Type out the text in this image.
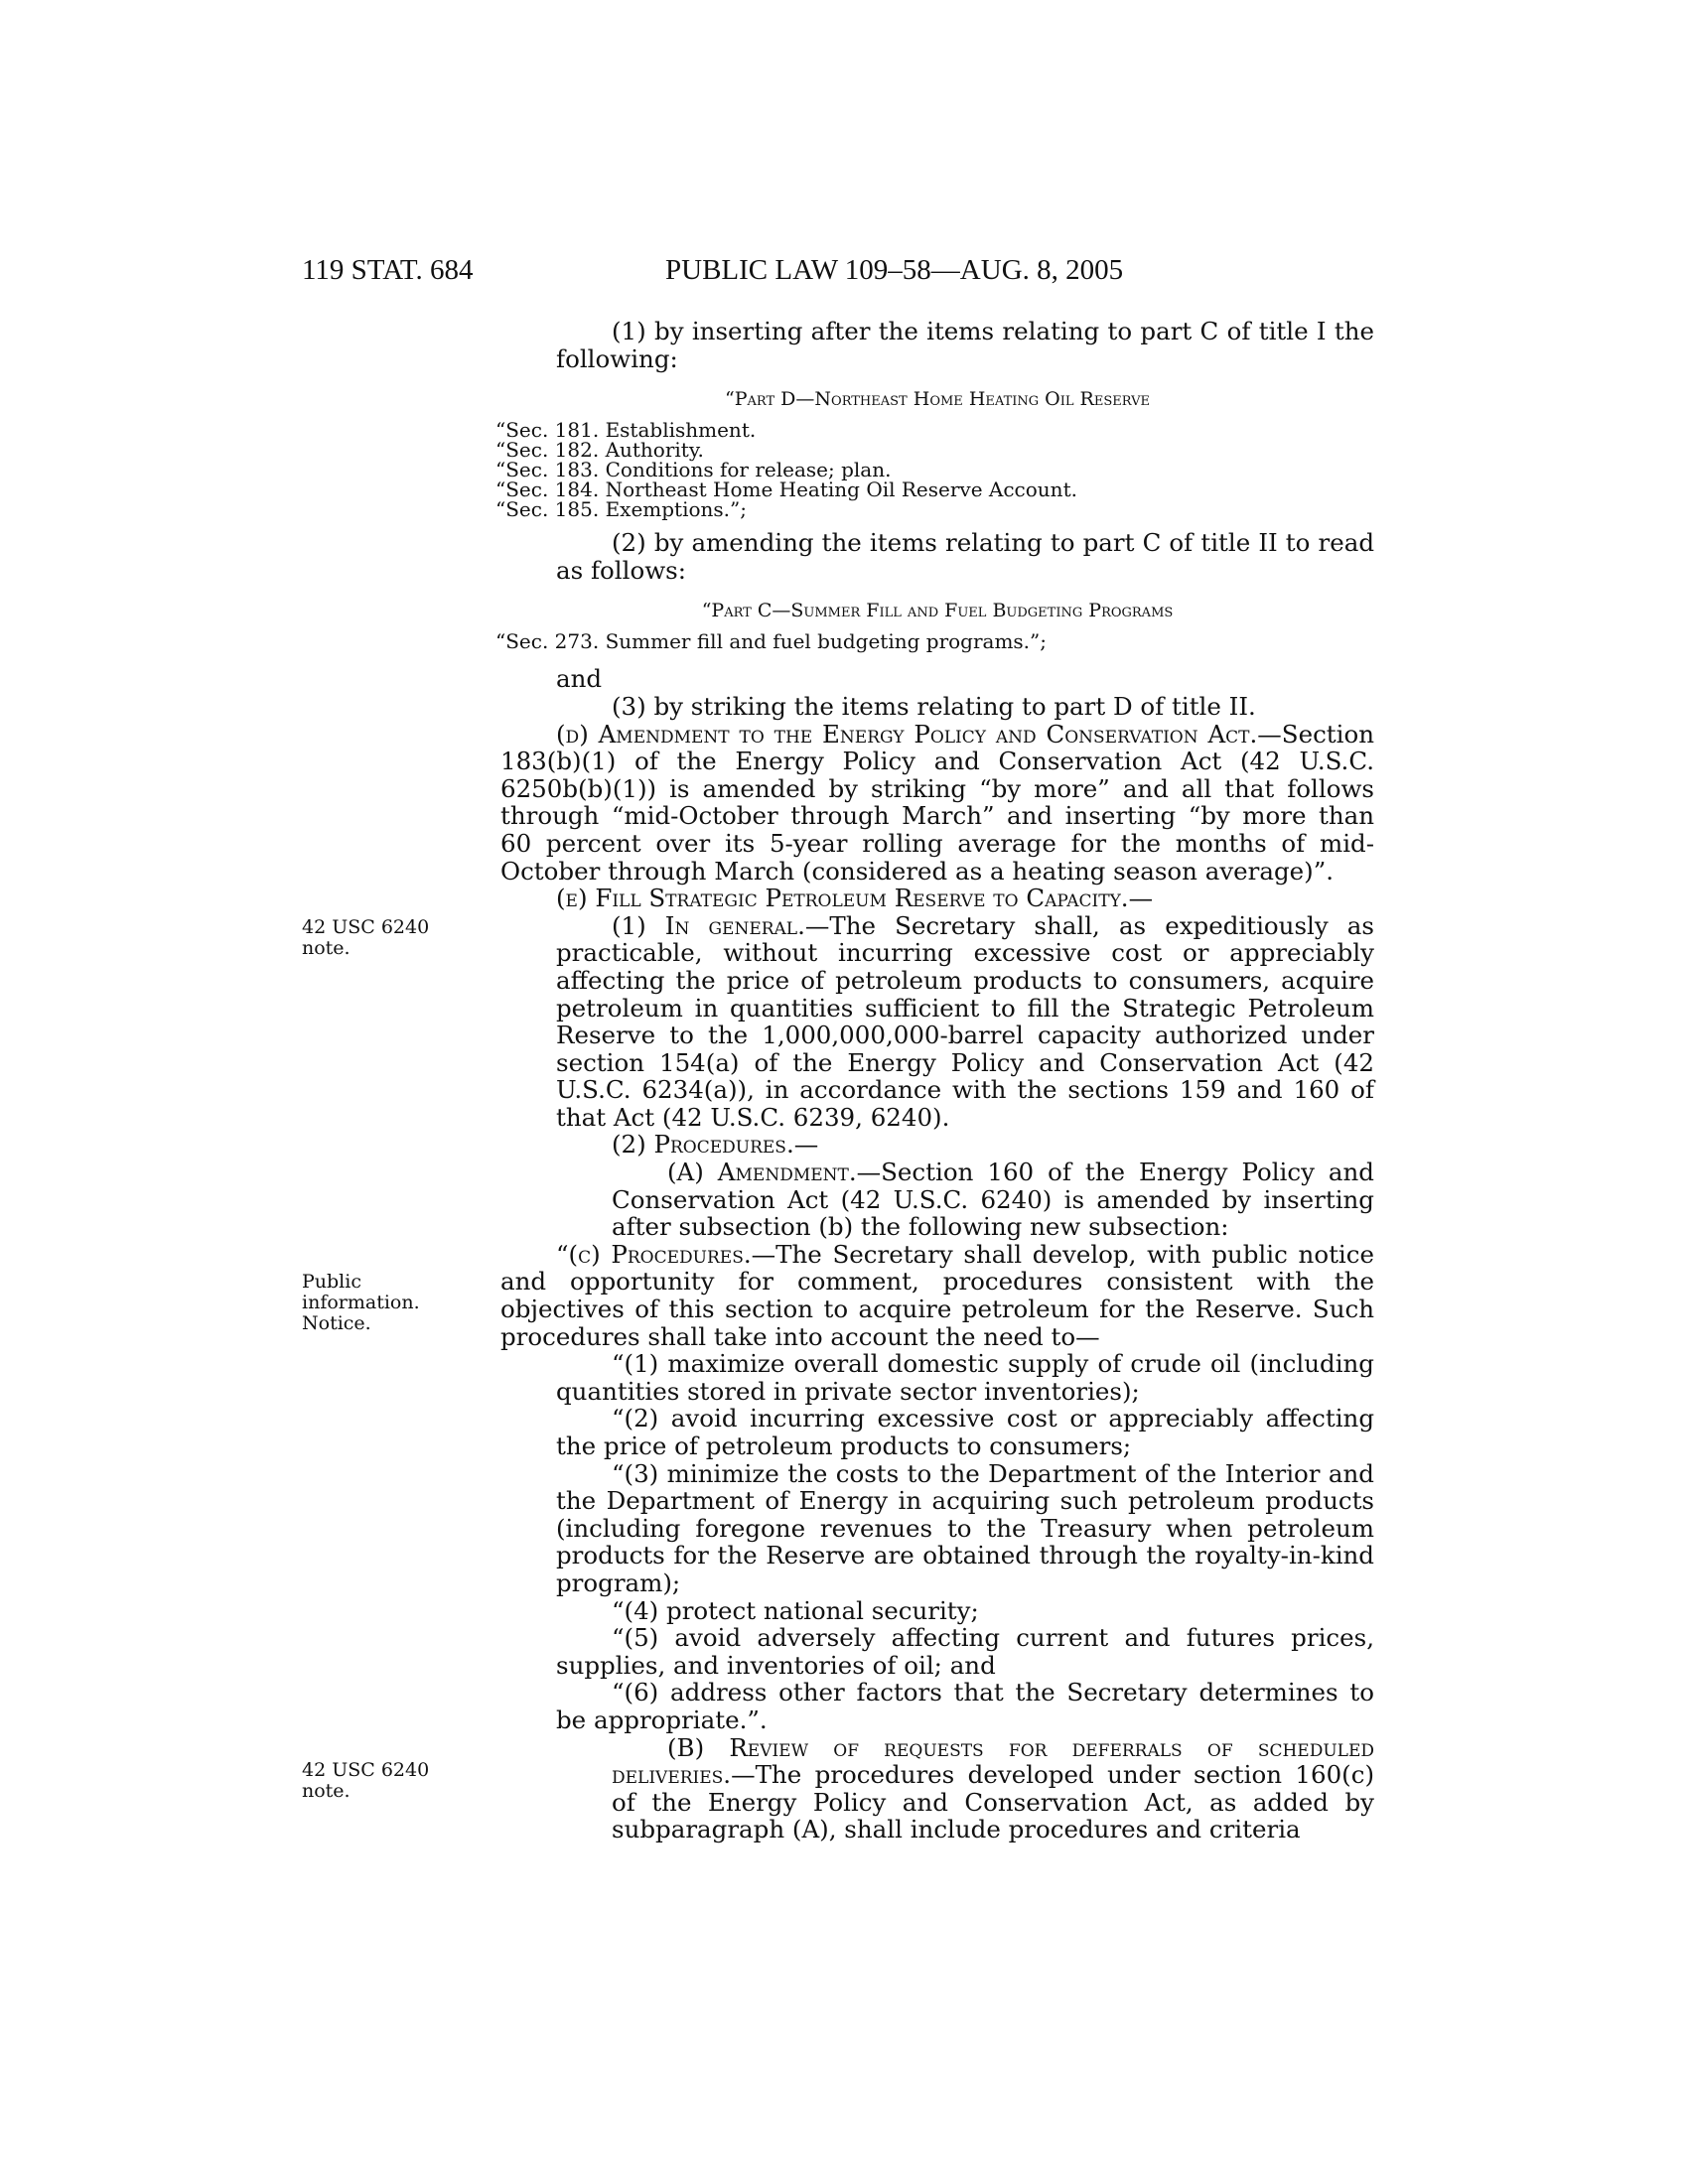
119 STAT. 684	PUBLIC LAW 109–58—AUG. 8, 2005
42 USC 6240 note.
Public information. Notice.
42 USC 6240 note.

(1) by inserting after the items relating to part C of title I the following:

“Part D—Northeast Home Heating Oil Reserve
“Sec. 181. Establishment.
“Sec. 182. Authority.
“Sec. 183. Conditions for release; plan.
“Sec. 184. Northeast Home Heating Oil Reserve Account.
“Sec. 185. Exemptions.”;

(2) by amending the items relating to part C of title II to read as follows:

“Part C—Summer Fill and Fuel Budgeting Programs
“Sec. 273. Summer fill and fuel budgeting programs.”;

and

(3) by striking the items relating to part D of title II.

(d) Amendment to the Energy Policy and Conservation Act.—Section 183(b)(1) of the Energy Policy and Conservation Act (42 U.S.C. 6250b(b)(1)) is amended by striking “by more” and all that follows through “mid-October through March” and inserting “by more than 60 percent over its 5-year rolling average for the months of mid-October through March (considered as a heating season average)”.

(e) Fill Strategic Petroleum Reserve to Capacity.—

(1) In general.—The Secretary shall, as expeditiously as practicable, without incurring excessive cost or appreciably affecting the price of petroleum products to consumers, acquire petroleum in quantities sufficient to fill the Strategic Petroleum Reserve to the 1,000,000,000-barrel capacity authorized under section 154(a) of the Energy Policy and Conservation Act (42 U.S.C. 6234(a)), in accordance with the sections 159 and 160 of that Act (42 U.S.C. 6239, 6240).

(2) Procedures.—

(A) Amendment.—Section 160 of the Energy Policy and Conservation Act (42 U.S.C. 6240) is amended by inserting after subsection (b) the following new subsection:

“(c) Procedures.—The Secretary shall develop, with public notice and opportunity for comment, procedures consistent with the objectives of this section to acquire petroleum for the Reserve. Such procedures shall take into account the need to—

“(1) maximize overall domestic supply of crude oil (including quantities stored in private sector inventories);

“(2) avoid incurring excessive cost or appreciably affecting the price of petroleum products to consumers;

“(3) minimize the costs to the Department of the Interior and the Department of Energy in acquiring such petroleum products (including foregone revenues to the Treasury when petroleum products for the Reserve are obtained through the royalty-in-kind program);

“(4) protect national security;

“(5) avoid adversely affecting current and futures prices, supplies, and inventories of oil; and

“(6) address other factors that the Secretary determines to be appropriate.”.

(B) Review of requests for deferrals of scheduled deliveries.—The procedures developed under section 160(c) of the Energy Policy and Conservation Act, as added by subparagraph (A), shall include procedures and criteria
